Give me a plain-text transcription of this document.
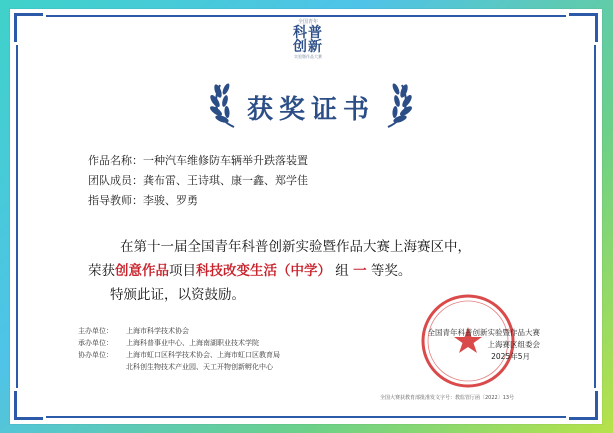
全国青年
科普
创新
实验暨作品大赛
获奖证书
作品名称：一种汽车维修防车辆举升跌落装置
团队成员：龚布雷、王诗琪、康一鑫、郑学佳
指导教师：李骏、罗勇
在第十一届全国青年科普创新实验暨作品大赛上海赛区中，
荣获创意作品项目科技改变生活（中学） 组 一 等奖。
特颁此证，以资鼓励。
主办单位： 上海市科学技术协会
承办单位： 上海科普事业中心、上海南湖职业技术学院
协办单位： 上海市虹口区科学技术协会、上海市虹口区教育局
北科创生物技术产业园、天工开物创新孵化中心
全国青年科普创新实验暨作品大赛
上海赛区组委会
2025年5月
全国大赛获教育部批准发文字号：教监管厅函〔2022〕13号
